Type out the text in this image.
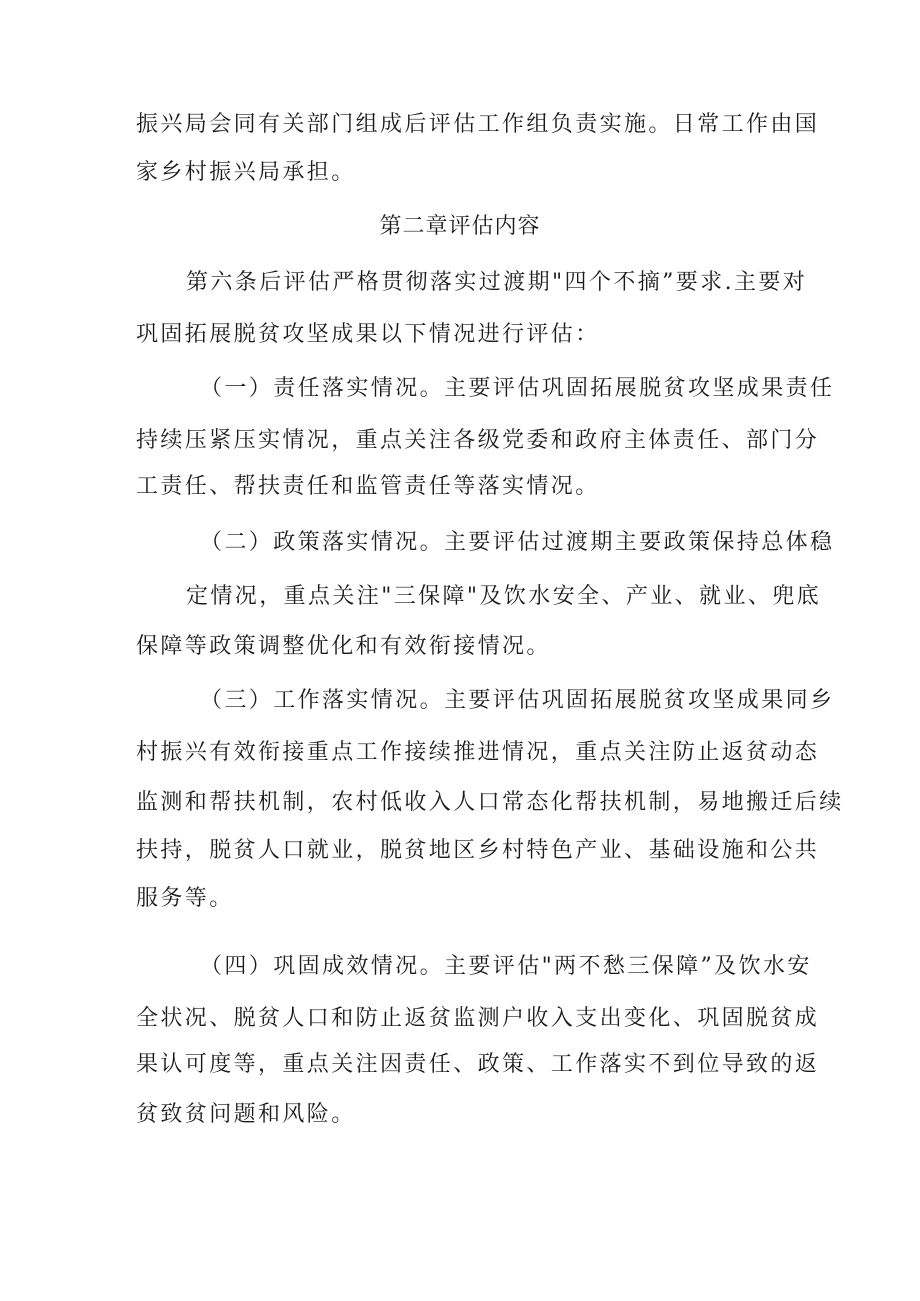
振兴局会同有关部门组成后评估工作组负责实施。日常工作由国
家乡村振兴局承担。
第二章评估内容
第六条后评估严格贯彻落实过渡期"四个不摘”要求.主要对
巩固拓展脱贫攻坚成果以下情况进行评估：
（一）责任落实情况。主要评估巩固拓展脱贫攻坚成果责任
持续压紧压实情况，重点关注各级党委和政府主体责任、部门分
工责任、帮扶责任和监管责任等落实情况。
（二）政策落实情况。主要评估过渡期主要政策保持总体稳
定情况，重点关注"三保障"及饮水安全、产业、就业、兜底
保障等政策调整优化和有效衔接情况。
（三）工作落实情况。主要评估巩固拓展脱贫攻坚成果同乡
村振兴有效衔接重点工作接续推进情况，重点关注防止返贫动态
监测和帮扶机制，农村低收入人口常态化帮扶机制，易地搬迁后续
扶持，脱贫人口就业，脱贫地区乡村特色产业、基础设施和公共
服务等。
（四）巩固成效情况。主要评估"两不愁三保障”及饮水安
全状况、脱贫人口和防止返贫监测户收入支出变化、巩固脱贫成
果认可度等，重点关注因责任、政策、工作落实不到位导致的返
贫致贫问题和风险。
